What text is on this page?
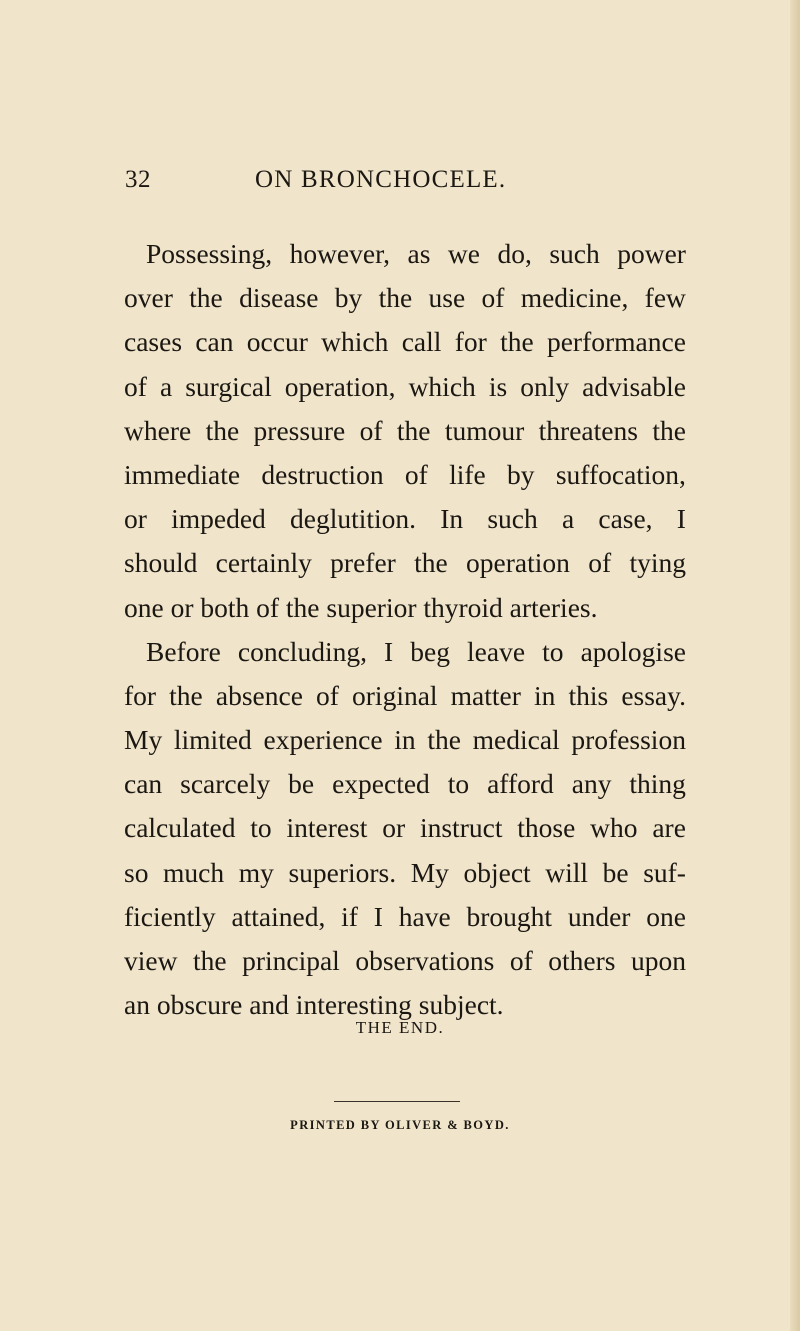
32	ON BRONCHOCELE.
Possessing, however, as we do, such power
over the disease by the use of medicine, few
cases can occur which call for the performance
of a surgical operation, which is only advisable
where the pressure of the tumour threatens the
immediate destruction of life by suffocation,
or impeded deglutition. In such a case, I
should certainly prefer the operation of tying
one or both of the superior thyroid arteries.
Before concluding, I beg leave to apologise
for the absence of original matter in this essay.
My limited experience in the medical profession
can scarcely be expected to afford any thing
calculated to interest or instruct those who are
so much my superiors. My object will be suf-
ficiently attained, if I have brought under one
view the principal observations of others upon
an obscure and interesting subject.
THE END.
PRINTED BY OLIVER & BOYD.
